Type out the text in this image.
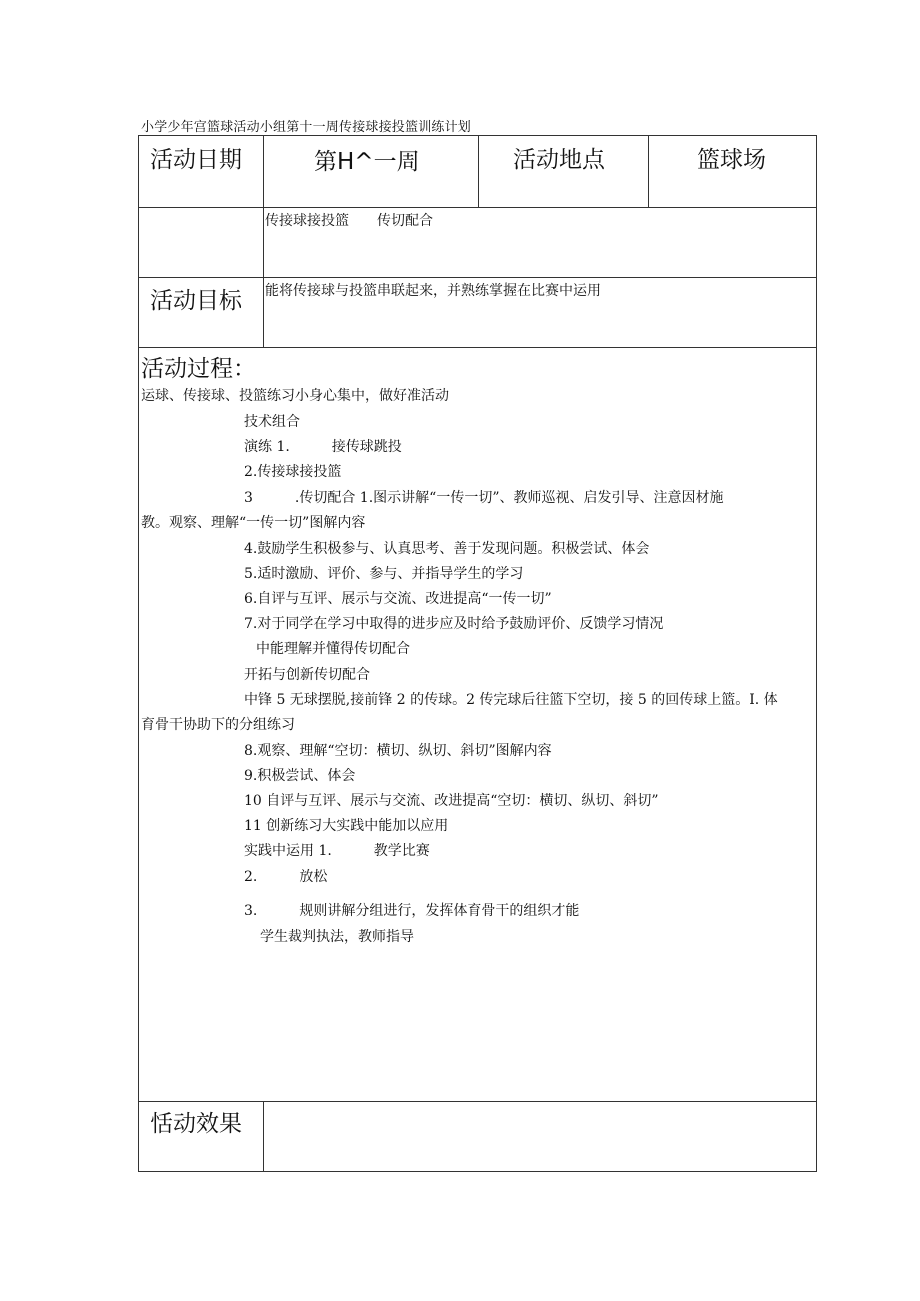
小学少年宫篮球活动小组第十一周传接球接投篮训练计划
活动日期	第H^一周	活动地点	篮球场
传接球接投篮　　传切配合
活动目标 能将传接球与投篮串联起来，并熟练掌握在比赛中运用
活动过程：
运球、传接球、投篮练习小身心集中，做好准活动
技术组合
演练 1.　　　接传球跳投
2.传接球接投篮
3　　　.传切配合 1.图示讲解“一传一切”、教师巡视、启发引导、注意因材施
教。观察、理解“一传一切”图解内容
4.鼓励学生积极参与、认真思考、善于发现问题。积极尝试、体会
5.适时激励、评价、参与、并指导学生的学习
6.自评与互评、展示与交流、改进提高“一传一切”
7.对于同学在学习中取得的进步应及时给予鼓励评价、反馈学习情况
中能理解并懂得传切配合
开拓与创新传切配合
中锋 5 无球摆脱,接前锋 2 的传球。2 传完球后往篮下空切，接 5 的回传球上篮。I. 体
育骨干协助下的分组练习
8.观察、理解“空切：横切、纵切、斜切”图解内容
9.积极尝试、体会
10 自评与互评、展示与交流、改进提高“空切：横切、纵切、斜切”
11 创新练习大实践中能加以应用
实践中运用 1.　　　教学比赛
2.　　　放松
3.　　　规则讲解分组进行，发挥体育骨干的组织才能
学生裁判执法，教师指导
恬动效果
